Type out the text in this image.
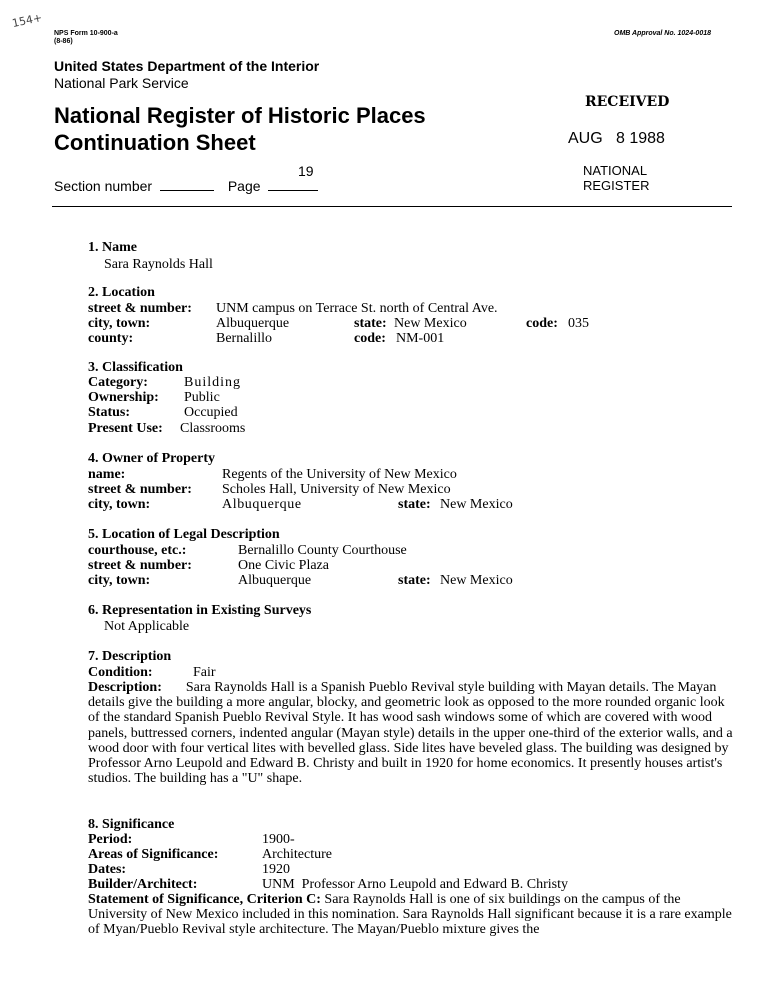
154+
NPS Form 10-900-a
(8-86)
OMB Approval No. 1024-0018
United States Department of the Interior
National Park Service
National Register of Historic Places
Continuation Sheet
Section number	Page
19
RECEIVED
AUG   8 1988
NATIONAL
REGISTER
1. Name
Sara Raynolds Hall
2. Location
street & number: UNM campus on Terrace St. north of Central Ave.
city, town:	Albuquerque	state: New Mexico	code: 035
county:	Bernalillo	code: NM-001
3. Classification
Category:	Building
Ownership: Public
Status:	Occupied
Present Use: Classrooms
4. Owner of Property
name:	Regents of the University of New Mexico
street & number: Scholes Hall, University of New Mexico
city, town:	Albuquerque	state: New Mexico
5. Location of Legal Description
courthouse, etc.:	Bernalillo County Courthouse
street & number:	One Civic Plaza
city, town:	Albuquerque	state: New Mexico
6. Representation in Existing Surveys
Not Applicable
7. Description
Condition:	Fair
Description: Sara Raynolds Hall is a Spanish Pueblo Revival style building with Mayan details. The Mayan details give the building a more angular, blocky, and geometric look as opposed to the more rounded organic look of the standard Spanish Pueblo Revival Style. It has wood sash windows some of which are covered with wood panels, buttressed corners, indented angular (Mayan style) details in the upper one-third of the exterior walls, and a wood door with four vertical lites with bevelled glass. Side lites have beveled glass. The building was designed by Professor Arno Leupold and Edward B. Christy and built in 1920 for home economics. It presently houses artist's studios. The building has a "U" shape.
8. Significance
Period:	1900-
Areas of Significance:	Architecture
Dates:	1920
Builder/Architect:	UNM  Professor Arno Leupold and Edward B. Christy
Statement of Significance, Criterion C: Sara Raynolds Hall is one of six buildings on the campus of the University of New Mexico included in this nomination. Sara Raynolds Hall significant because it is a rare example of Myan/Pueblo Revival style architecture. The Mayan/Pueblo mixture gives the
